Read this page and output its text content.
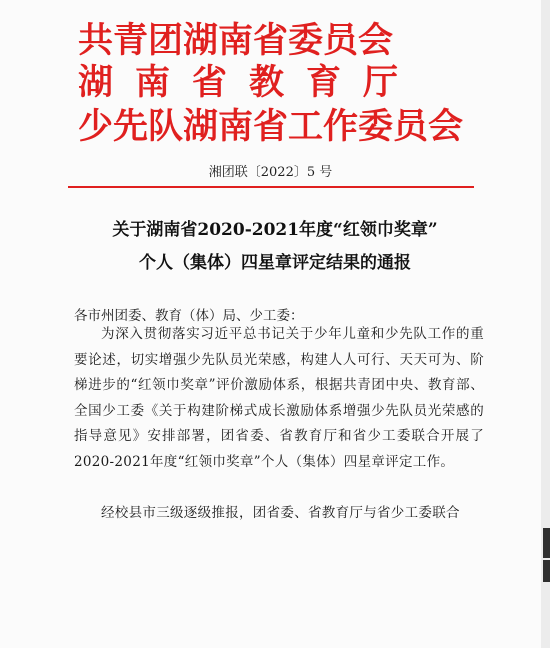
共青团湖南省委员会
湖南省教育厅
少先队湖南省工作委员会
湘团联〔2022〕5 号
关于湖南省2020-2021年度“红领巾奖章”
个人（集体）四星章评定结果的通报
各市州团委、教育（体）局、少工委：
为深入贯彻落实习近平总书记关于少年儿童和少先队工作的重要论述，切实增强少先队员光荣感，构建人人可行、天天可为、阶梯进步的“红领巾奖章”评价激励体系，根据共青团中央、教育部、全国少工委《关于构建阶梯式成长激励体系增强少先队员光荣感的指导意见》安排部署，团省委、省教育厅和省少工委联合开展了2020-2021年度“红领巾奖章”个人（集体）四星章评定工作。
经校县市三级逐级推报，团省委、省教育厅与省少工委联合
